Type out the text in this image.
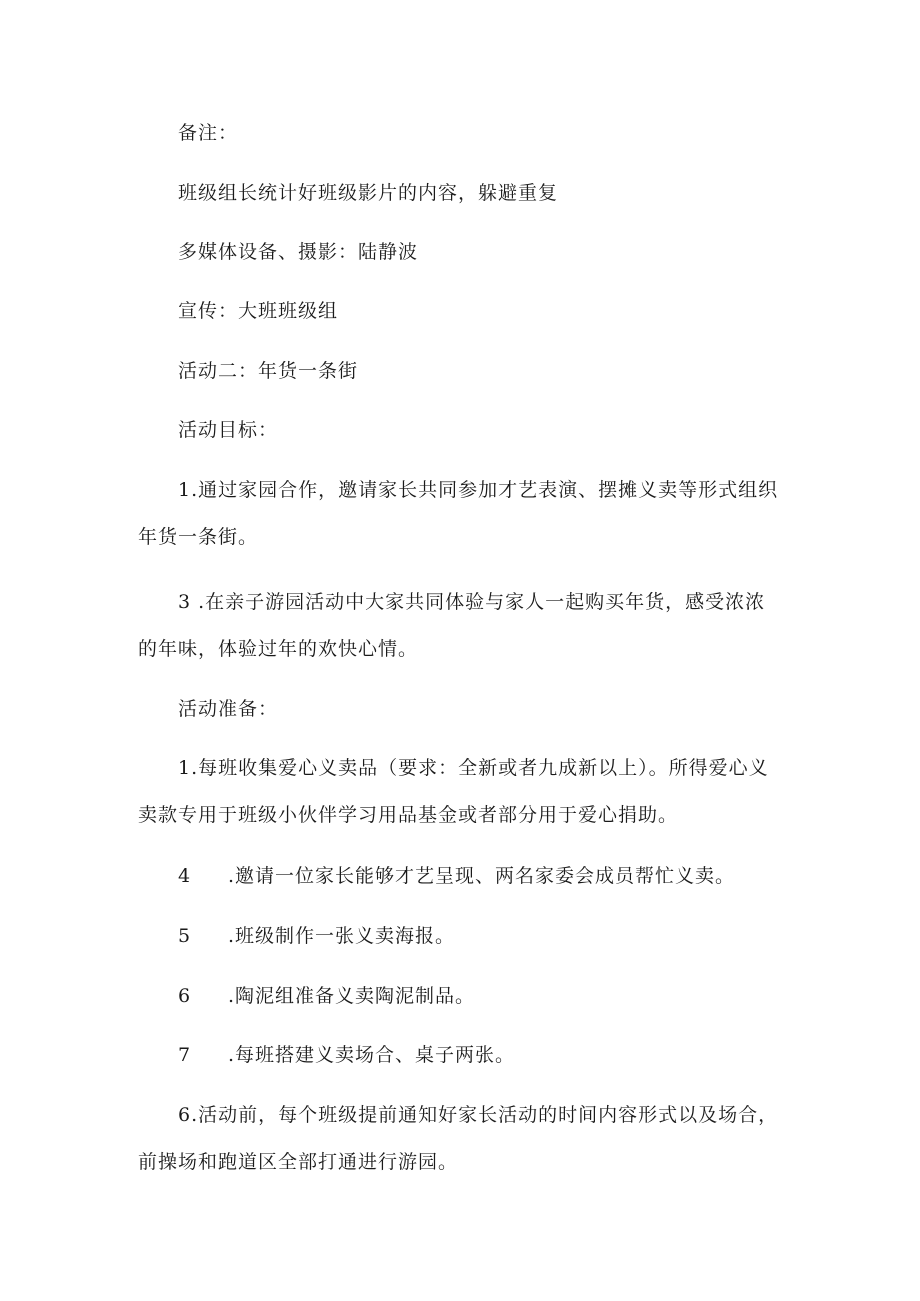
备注：
班级组长统计好班级影片的内容，躲避重复
多媒体设备、摄影：陆静波
宣传：大班班级组
活动二：年货一条街
活动目标：
1.通过家园合作，邀请家长共同参加才艺表演、摆摊义卖等形式组织
年货一条街。
3 .在亲子游园活动中大家共同体验与家人一起购买年货，感受浓浓
的年味，体验过年的欢快心情。
活动准备：
1.每班收集爱心义卖品（要求：全新或者九成新以上）。所得爱心义
卖款专用于班级小伙伴学习用品基金或者部分用于爱心捐助。
4 .邀请一位家长能够才艺呈现、两名家委会成员帮忙义卖。
5 .班级制作一张义卖海报。
6 .陶泥组准备义卖陶泥制品。
7 .每班搭建义卖场合、桌子两张。
6.活动前，每个班级提前通知好家长活动的时间内容形式以及场合，
前操场和跑道区全部打通进行游园。
